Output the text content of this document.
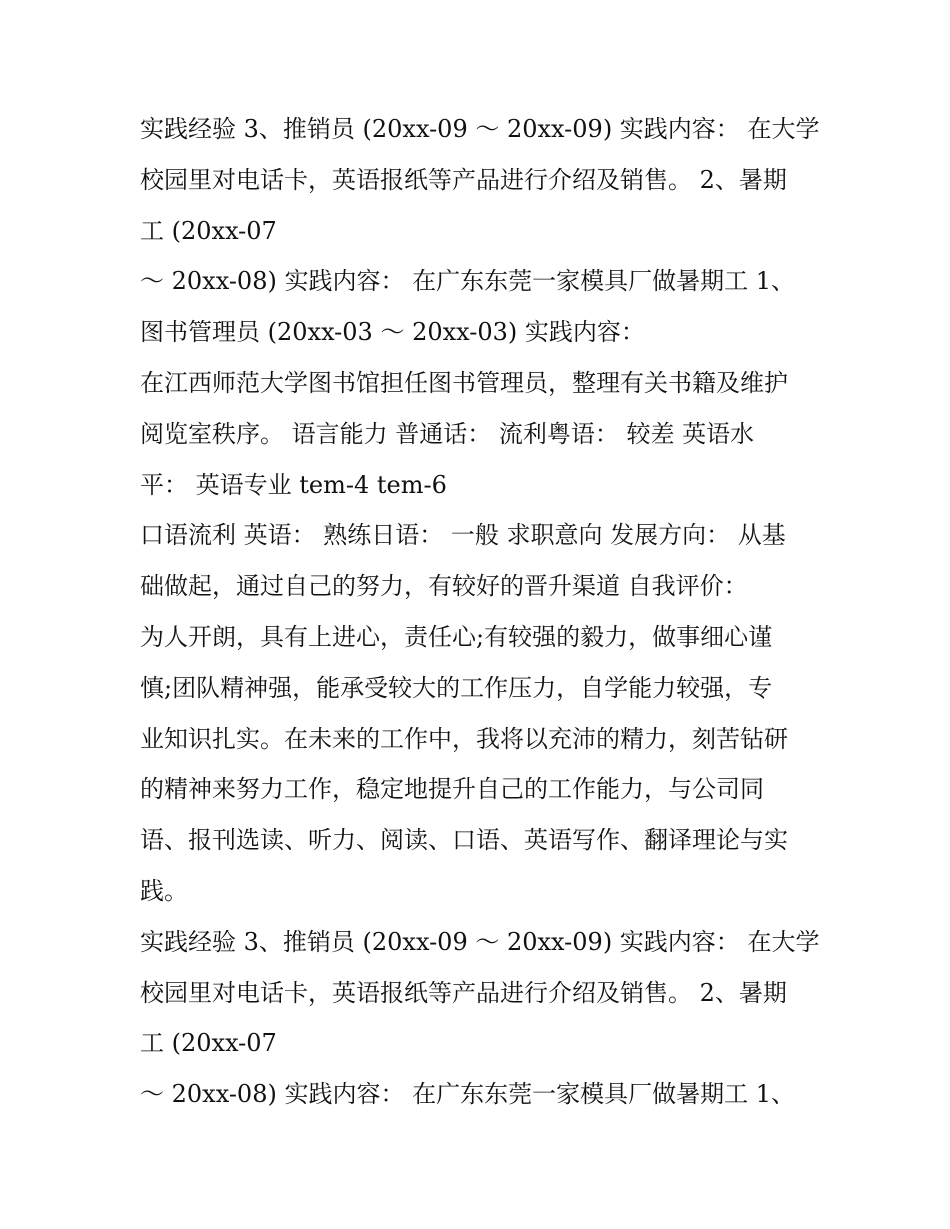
实践经验 3、推销员 (20xx-09 ～ 20xx-09) 实践内容： 在大学
校园里对电话卡，英语报纸等产品进行介绍及销售。 2、暑期
工 (20xx-07
～ 20xx-08) 实践内容： 在广东东莞一家模具厂做暑期工 1、
图书管理员 (20xx-03 ～ 20xx-03) 实践内容：
在江西师范大学图书馆担任图书管理员，整理有关书籍及维护
阅览室秩序。 语言能力 普通话： 流利粤语： 较差 英语水
平： 英语专业 tem-4 tem-6
口语流利 英语： 熟练日语： 一般 求职意向 发展方向： 从基
础做起，通过自己的努力，有较好的晋升渠道 自我评价：
为人开朗，具有上进心，责任心;有较强的毅力，做事细心谨
慎;团队精神强，能承受较大的工作压力，自学能力较强，专
业知识扎实。在未来的工作中，我将以充沛的精力，刻苦钻研
的精神来努力工作，稳定地提升自己的工作能力，与公司同
语、报刊选读、听力、阅读、口语、英语写作、翻译理论与实
践。
实践经验 3、推销员 (20xx-09 ～ 20xx-09) 实践内容： 在大学
校园里对电话卡，英语报纸等产品进行介绍及销售。 2、暑期
工 (20xx-07
～ 20xx-08) 实践内容： 在广东东莞一家模具厂做暑期工 1、
